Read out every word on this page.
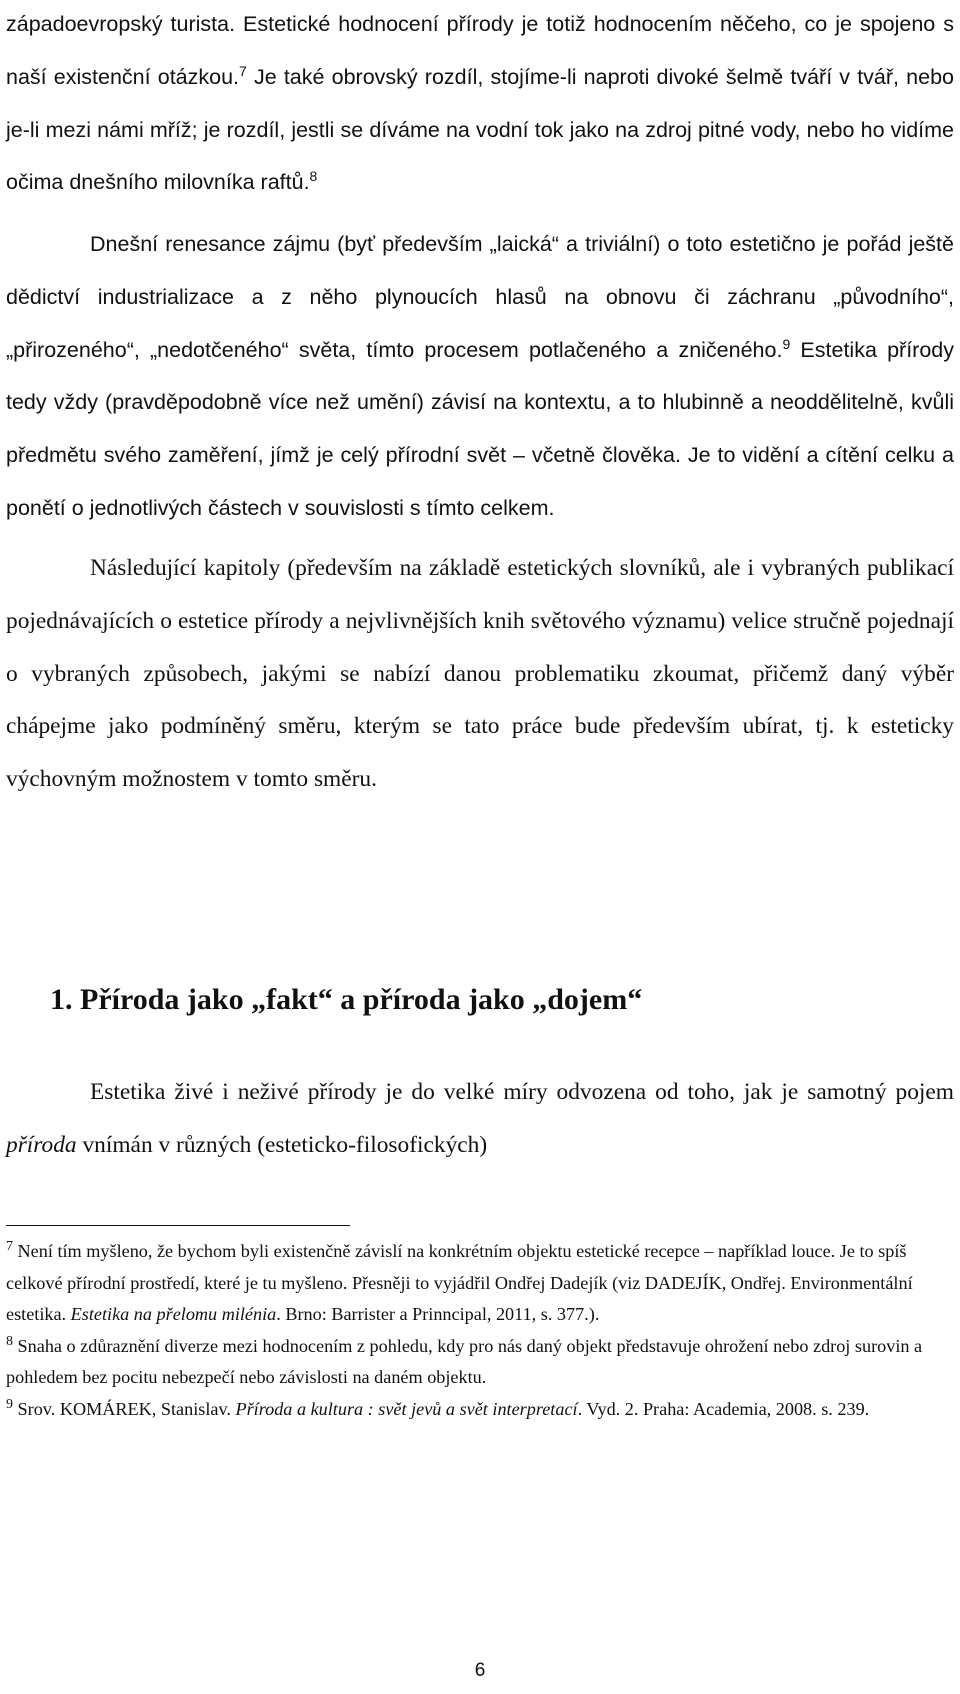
západoevropský turista. Estetické hodnocení přírody je totiž hodnocením něčeho, co je spojeno s naší existenční otázkou.$^7$ Je také obrovský rozdíl, stojíme-li naproti divoké šelmě tváří v tvář, nebo je-li mezi námi mříž; je rozdíl, jestli se díváme na vodní tok jako na zdroj pitné vody, nebo ho vidíme očima dnešního milovníka raftů.$^8$

Dnešní renesance zájmu (byť především „laická“ a triviální) o toto estetično je pořád ještě dědictví industrializace a z něho plynoucích hlasů na obnovu či záchranu „původního“, „přirozeného“, „nedotčeného“ světa, tímto procesem potlačeného a zničeného.$^9$ Estetika přírody tedy vždy (pravděpodobně více než umění) závisí na kontextu, a to hlubinně a neoddělitelně, kvůli předmětu svého zaměření, jímž je celý přírodní svět – včetně člověka. Je to vidění a cítění celku a ponětí o jednotlivých částech v souvislosti s tímto celkem.

Následující kapitoly (především na základě estetických slovníků, ale i vybraných publikací pojednávajících o estetice přírody a nejvlivnějších knih světového významu) velice stručně pojednají o vybraných způsobech, jakými se nabízí danou problematiku zkoumat, přičemž daný výběr chápejme jako podmíněný směru, kterým se tato práce bude především ubírat, tj. k esteticky výchovným možnostem v tomto směru.

1. Příroda jako „fakt“ a příroda jako „dojem“

Estetika živé i neživé přírody je do velké míry odvozena od toho, jak je samotný pojem příroda vnímán v různých (esteticko-filosofických)

$^7$ Není tím myšleno, že bychom byli existenčně závislí na konkrétním objektu estetické recepce – například louce. Je to spíš celkové přírodní prostředí, které je tu myšleno. Přesněji to vyjádřil Ondřej Dadejík (viz DADEJÍK, Ondřej. Environmentální estetika. Estetika na přelomu milénia. Brno: Barrister a Prinncipal, 2011, s. 377.).

$^8$ Snaha o zdůraznění diverze mezi hodnocením z pohledu, kdy pro nás daný objekt představuje ohrožení nebo zdroj surovin a pohledem bez pocitu nebezpečí nebo závislosti na daném objektu.

$^9$ Srov. KOMÁREK, Stanislav. Příroda a kultura : svět jevů a svět interpretací. Vyd. 2. Praha: Academia, 2008. s. 239.

6
